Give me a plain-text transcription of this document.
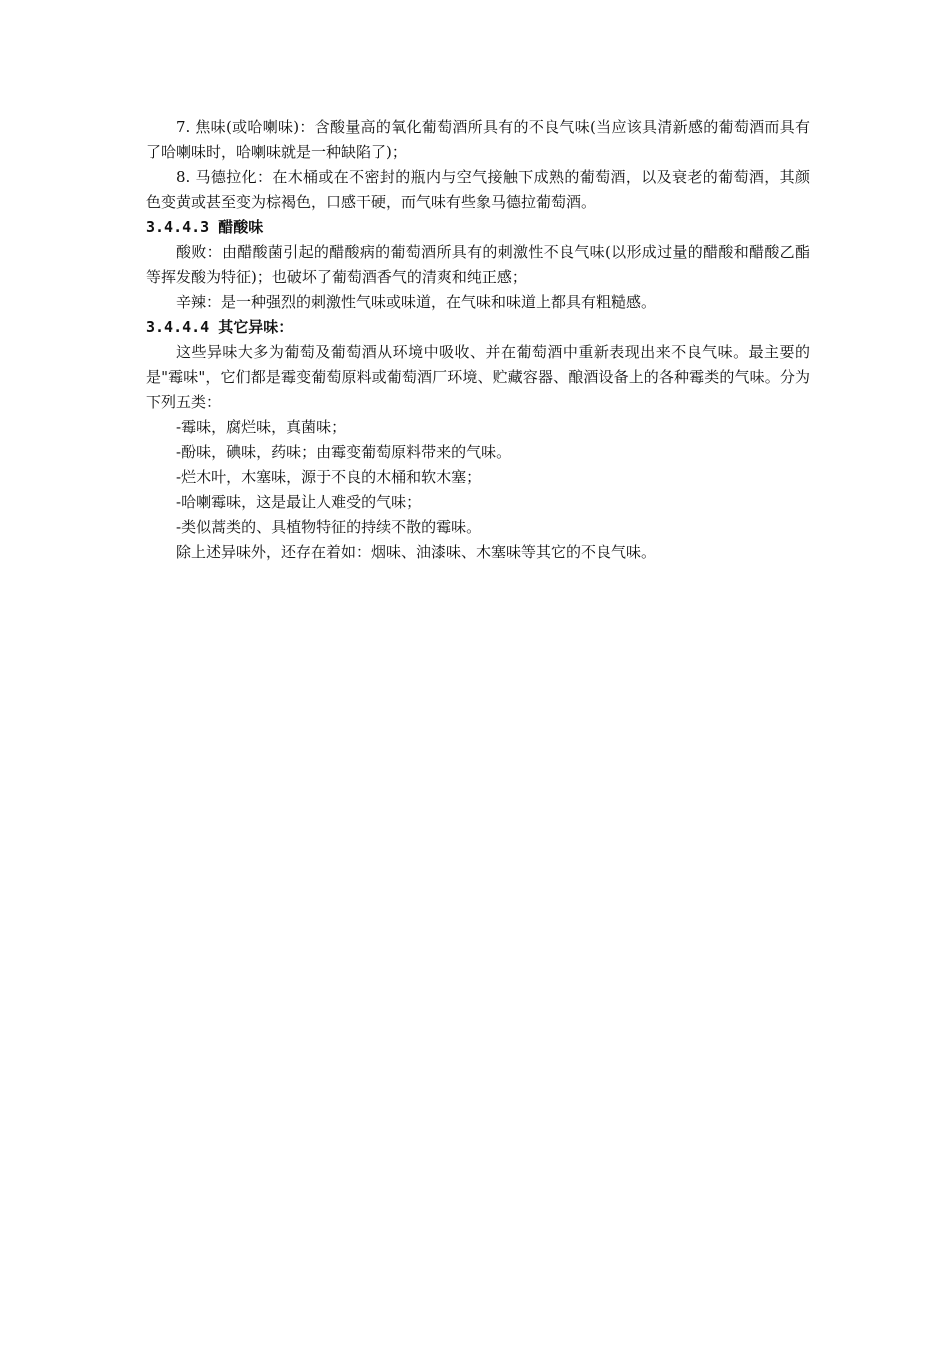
7. 焦味(或哈喇味)：含酸量高的氧化葡萄酒所具有的不良气味(当应该具清新感的葡萄酒而具有了哈喇味时，哈喇味就是一种缺陷了)；

8. 马德拉化：在木桶或在不密封的瓶内与空气接触下成熟的葡萄酒，以及衰老的葡萄酒，其颜色变黄或甚至变为棕褐色，口感干硬，而气味有些象马德拉葡萄酒。

3.4.4.3 醋酸味

酸败：由醋酸菌引起的醋酸病的葡萄酒所具有的刺激性不良气味(以形成过量的醋酸和醋酸乙酯等挥发酸为特征)；也破坏了葡萄酒香气的清爽和纯正感；

辛辣：是一种强烈的刺激性气味或味道，在气味和味道上都具有粗糙感。

3.4.4.4 其它异味：

这些异味大多为葡萄及葡萄酒从环境中吸收、并在葡萄酒中重新表现出来不良气味。最主要的是"霉味"，它们都是霉变葡萄原料或葡萄酒厂环境、贮藏容器、酿酒设备上的各种霉类的气味。分为下列五类：

-霉味，腐烂味，真菌味；

-酚味，碘味，药味；由霉变葡萄原料带来的气味。

-烂木叶，木塞味，源于不良的木桶和软木塞；

-哈喇霉味，这是最让人难受的气味；

-类似蒿类的、具植物特征的持续不散的霉味。

除上述异味外，还存在着如：烟味、油漆味、木塞味等其它的不良气味。
